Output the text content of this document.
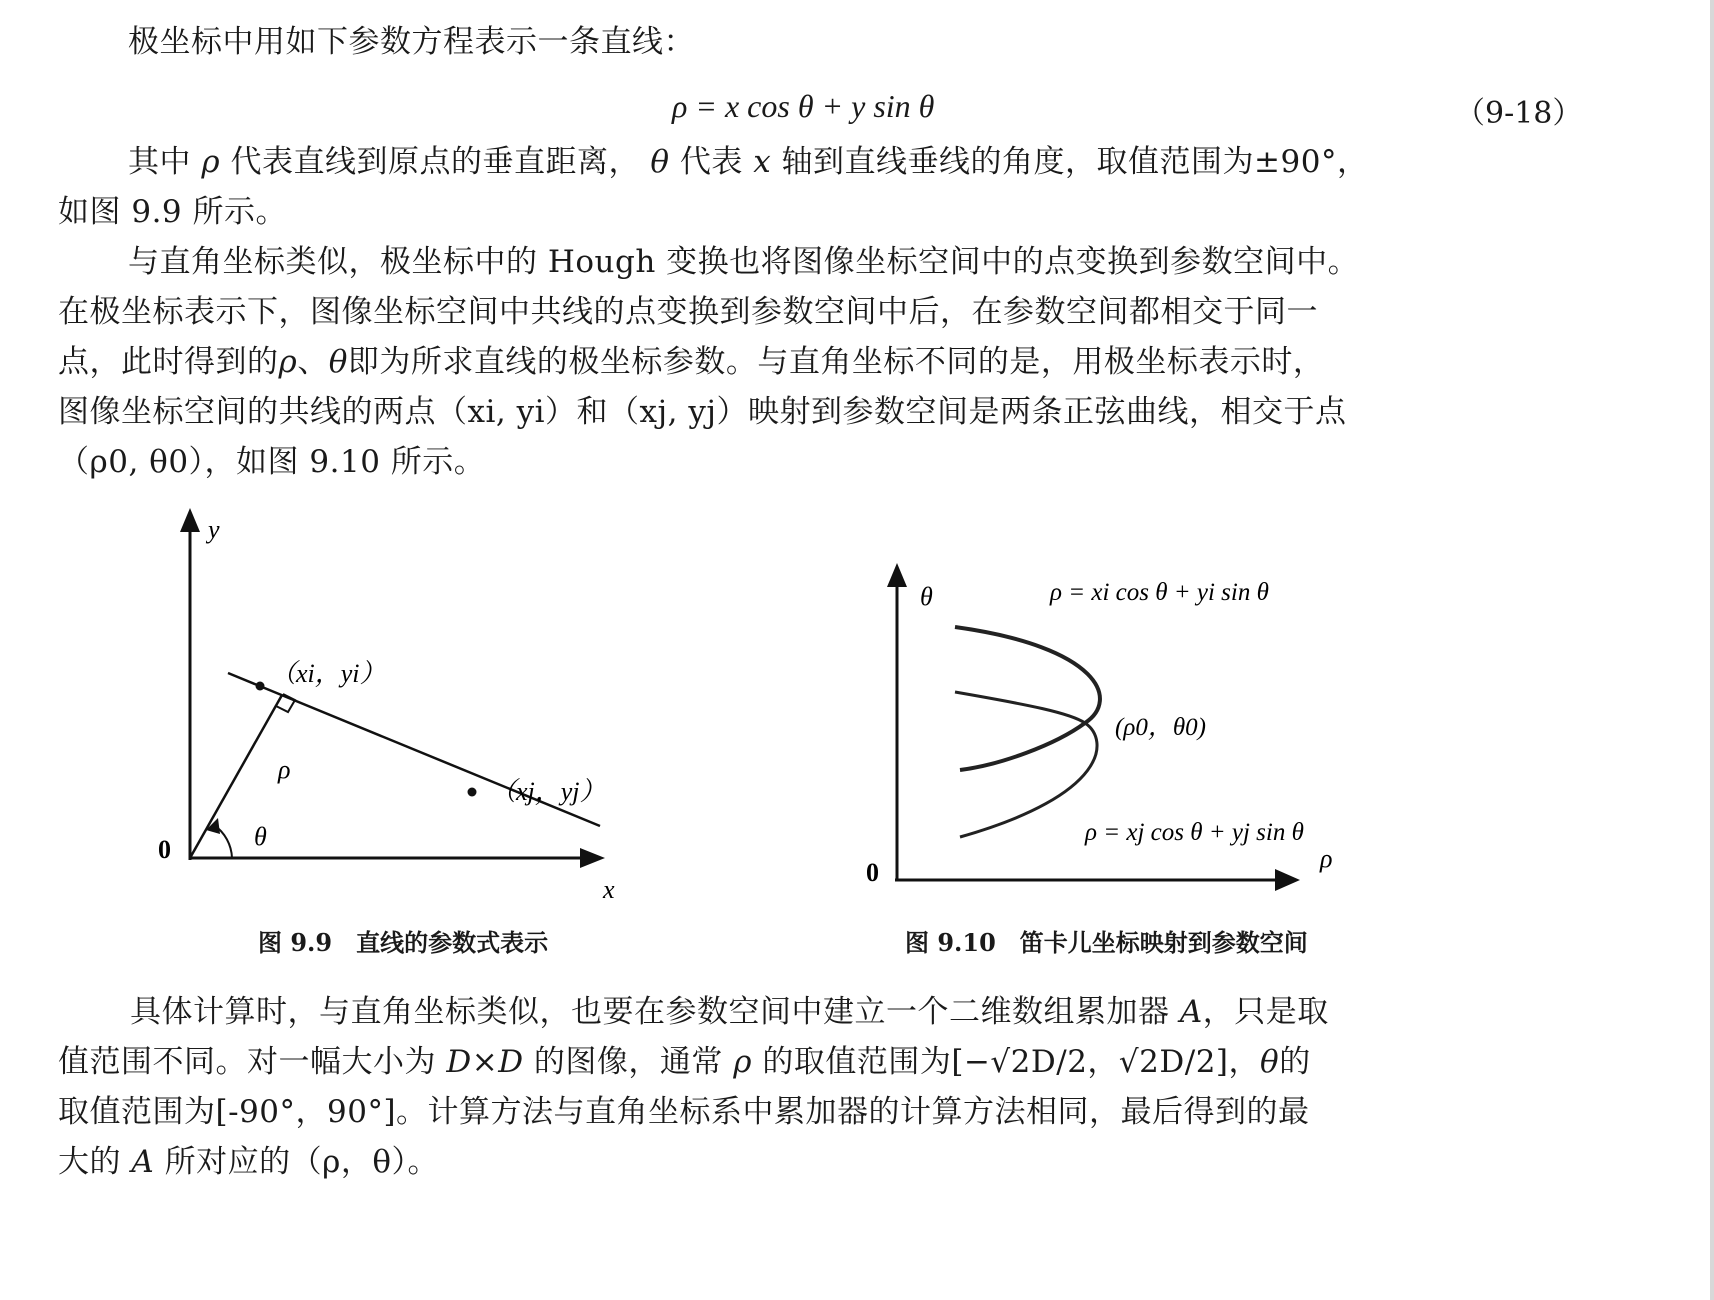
极坐标中用如下参数方程表示一条直线：
ρ = x cos θ + y sin θ	（9-18）
其中 ρ 代表直线到原点的垂直距离， θ 代表 x 轴到直线垂线的角度，取值范围为±90°，
如图 9.9 所示。
与直角坐标类似，极坐标中的 Hough 变换也将图像坐标空间中的点变换到参数空间中。
在极坐标表示下，图像坐标空间中共线的点变换到参数空间中后，在参数空间都相交于同一
点，此时得到的ρ、θ即为所求直线的极坐标参数。与直角坐标不同的是，用极坐标表示时，
图像坐标空间的共线的两点（xi, yi）和（xj, yj）映射到参数空间是两条正弦曲线，相交于点
（ρ0, θ0），如图 9.10 所示。
y
x
0
（xi，yi）
（xj，yj）
ρ
θ
图 9.9　直线的参数式表示
θ
ρ
0
ρ = xi cos θ + yi sin θ
ρ = xj cos θ + yj sin θ
(ρ0，θ0)
图 9.10　笛卡儿坐标映射到参数空间
具体计算时，与直角坐标类似，也要在参数空间中建立一个二维数组累加器 A，只是取
值范围不同。对一幅大小为 D×D 的图像，通常 ρ 的取值范围为[−√2D/2，√2D/2]，θ的
取值范围为[-90°，90°]。计算方法与直角坐标系中累加器的计算方法相同，最后得到的最
大的 A 所对应的（ρ，θ）。
